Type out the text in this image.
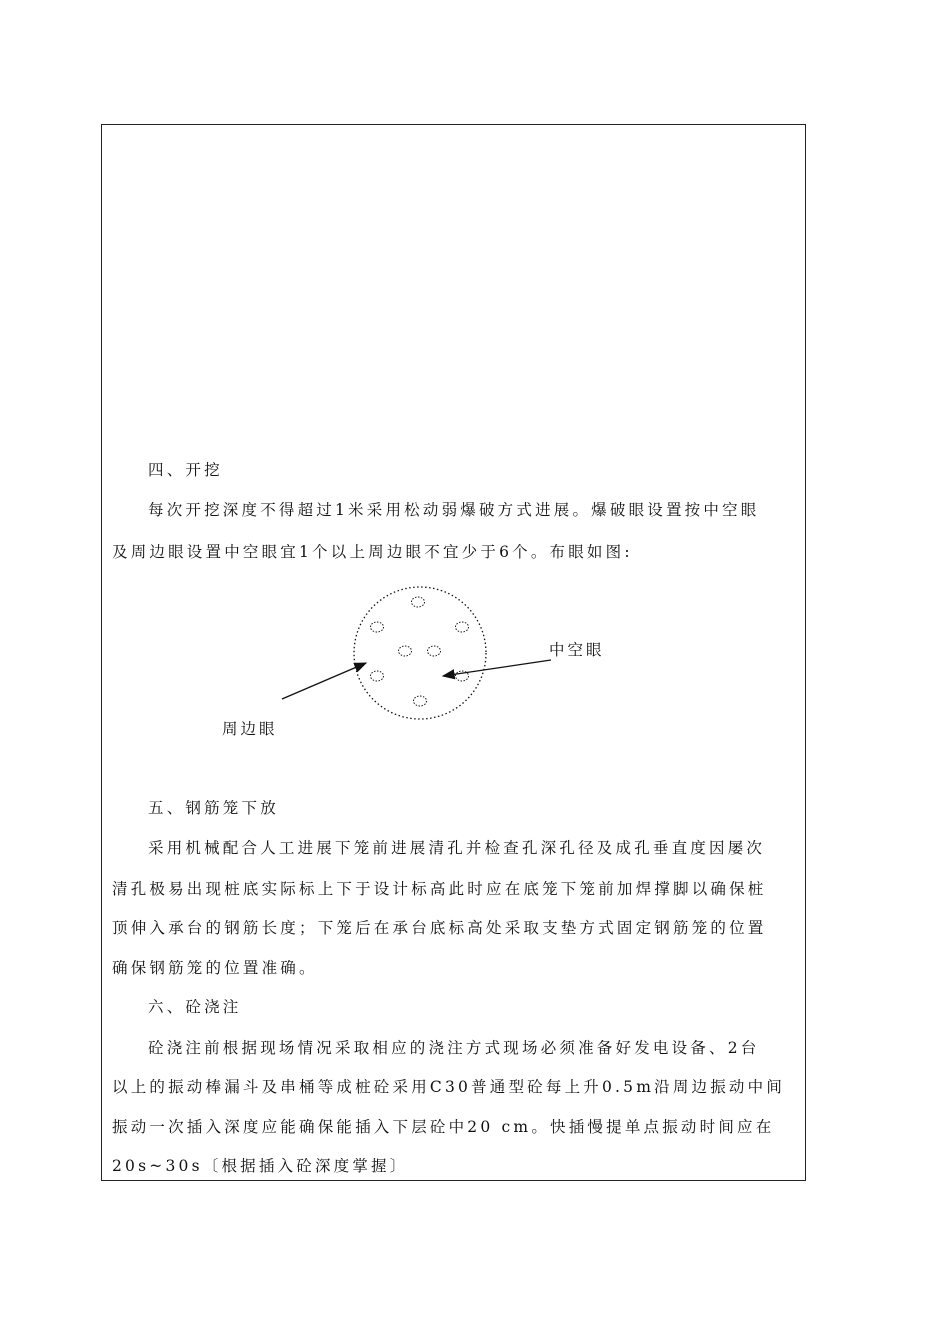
四、开挖
每次开挖深度不得超过1米采用松动弱爆破方式进展。爆破眼设置按中空眼
及周边眼设置中空眼宜1个以上周边眼不宜少于6个。布眼如图:
中空眼
周边眼
五、钢筋笼下放
采用机械配合人工进展下笼前进展清孔并检查孔深孔径及成孔垂直度因屡次
清孔极易出现桩底实际标上下于设计标高此时应在底笼下笼前加焊撑脚以确保桩
顶伸入承台的钢筋长度；下笼后在承台底标高处采取支垫方式固定钢筋笼的位置
确保钢筋笼的位置准确。
六、砼浇注
砼浇注前根据现场情况采取相应的浇注方式现场必须准备好发电设备、2台
以上的振动棒漏斗及串桶等成桩砼采用C30普通型砼每上升0.5m沿周边振动中间
振动一次插入深度应能确保能插入下层砼中20 cm。快插慢提单点振动时间应在
20s~30s〔根据插入砼深度掌握〕
